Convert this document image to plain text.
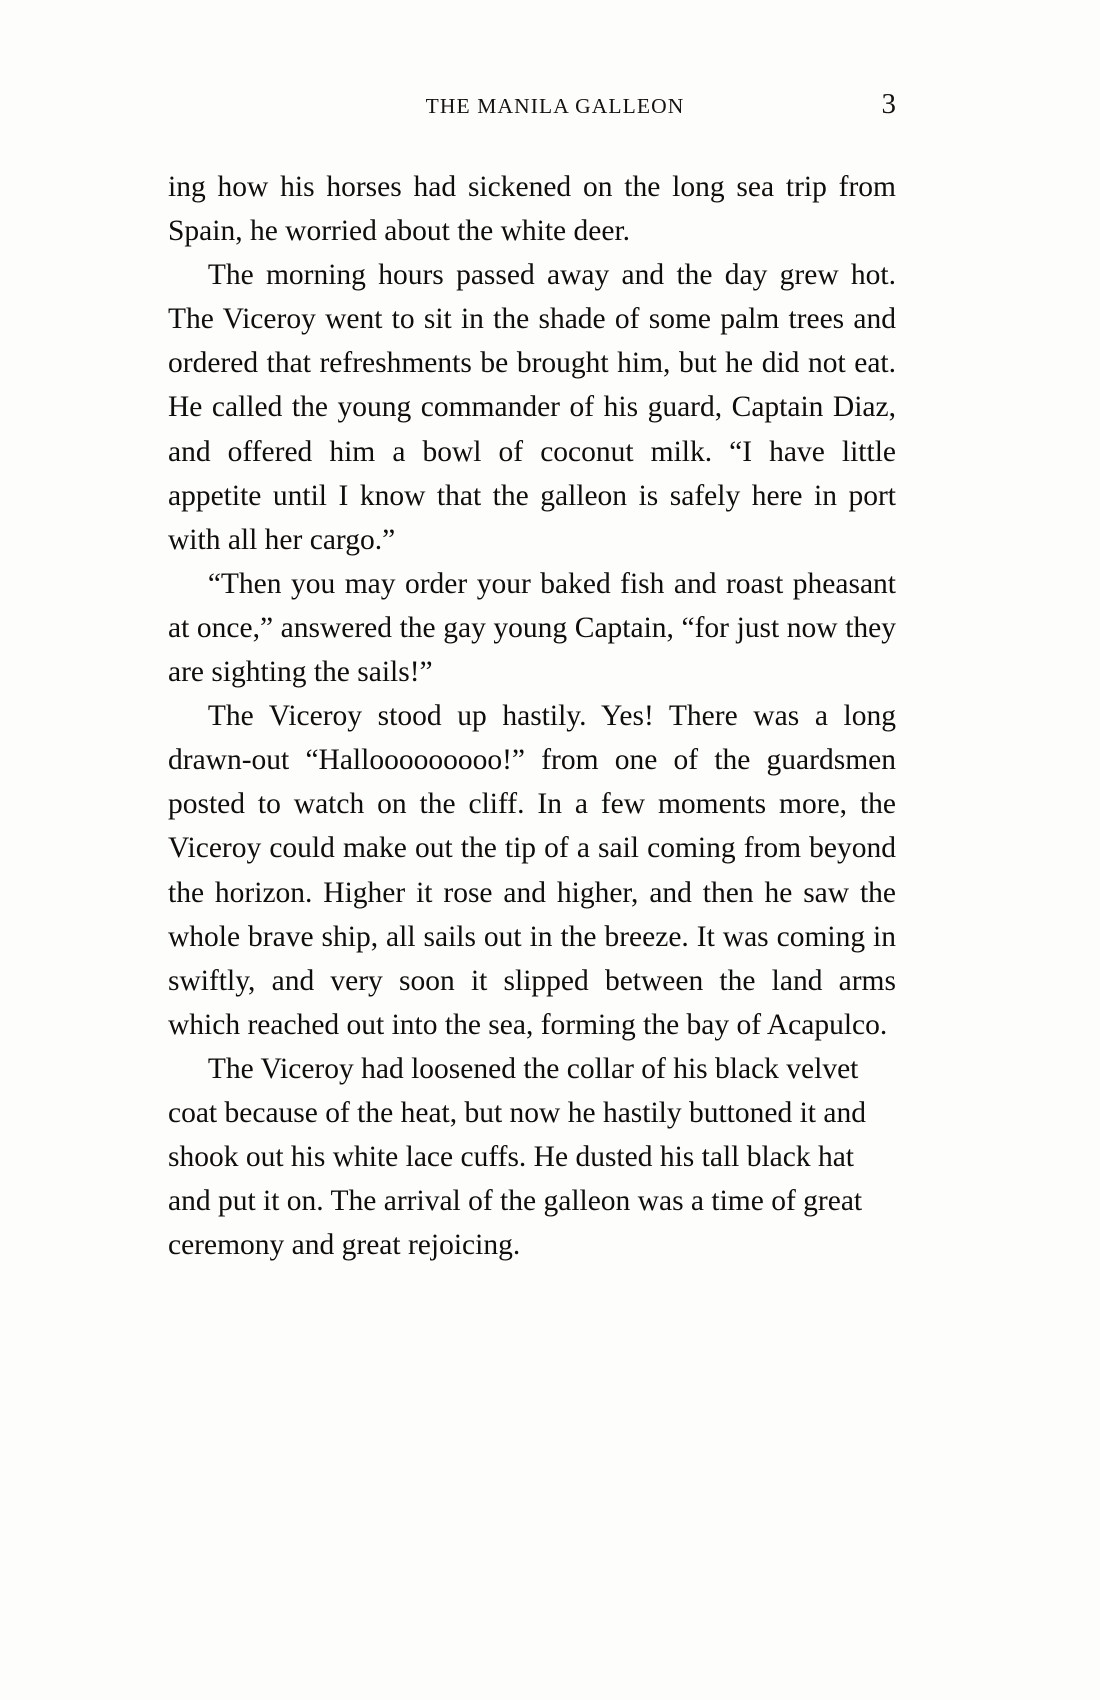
THE MANILA GALLEON	3

ing how his horses had sickened on the long sea trip from Spain, he worried about the white deer.

The morning hours passed away and the day grew hot. The Viceroy went to sit in the shade of some palm trees and ordered that refreshments be brought him, but he did not eat. He called the young commander of his guard, Captain Diaz, and offered him a bowl of coconut milk. “I have little appetite until I know that the galleon is safely here in port with all her cargo.”

“Then you may order your baked fish and roast pheasant at once,” answered the gay young Captain, “for just now they are sighting the sails!”

The Viceroy stood up hastily. Yes! There was a long drawn-out “Hallooooooooo!” from one of the guardsmen posted to watch on the cliff. In a few moments more, the Viceroy could make out the tip of a sail coming from beyond the horizon. Higher it rose and higher, and then he saw the whole brave ship, all sails out in the breeze. It was coming in swiftly, and very soon it slipped between the land arms which reached out into the sea, forming the bay of Acapulco.

The Viceroy had loosened the collar of his black velvet coat because of the heat, but now he hastily buttoned it and shook out his white lace cuffs. He dusted his tall black hat and put it on. The arrival of the galleon was a time of great ceremony and great rejoicing.
